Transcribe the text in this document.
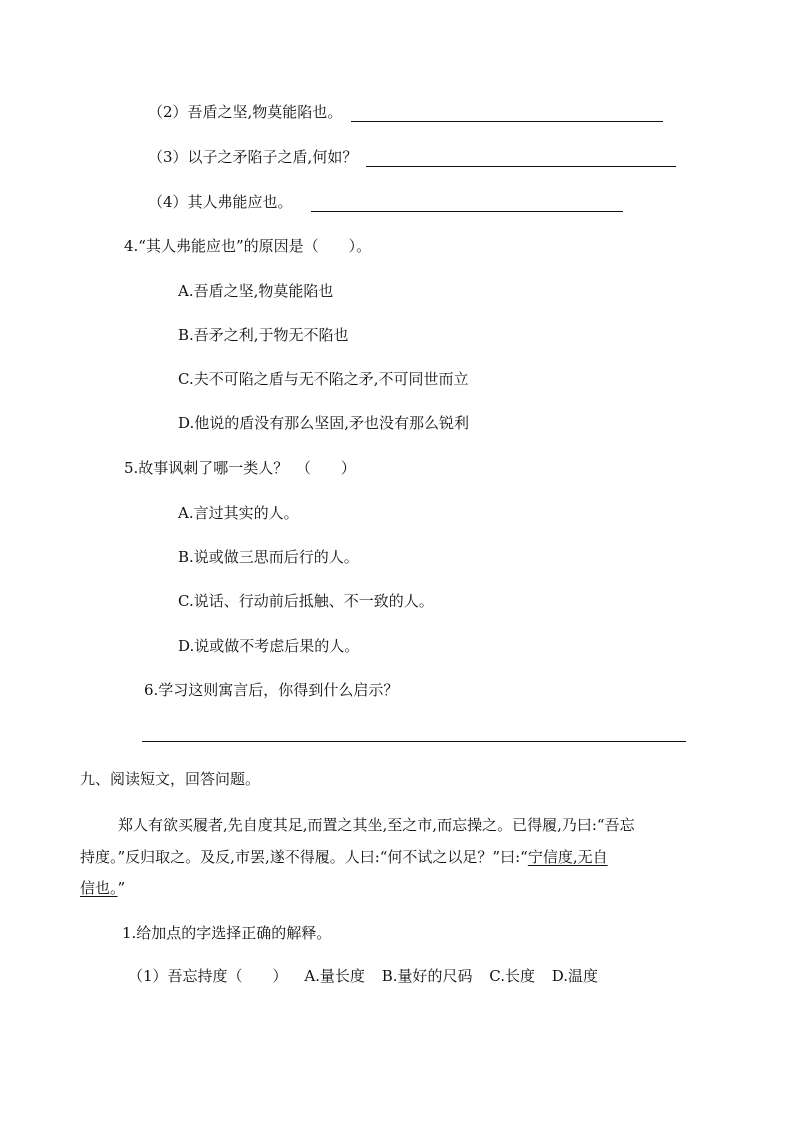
（2）吾盾之坚,物莫能陷也。
（3）以子之矛陷子之盾,何如？
（4）其人弗能应也。
4.“其人弗能应也”的原因是（　　）。
A.吾盾之坚,物莫能陷也
B.吾矛之利,于物无不陷也
C.夫不可陷之盾与无不陷之矛,不可同世而立
D.他说的盾没有那么坚固,矛也没有那么锐利
5.故事讽刺了哪一类人？　（　　）
A.言过其实的人。
B.说或做三思而后行的人。
C.说话、行动前后抵触、不一致的人。
D.说或做不考虑后果的人。
6.学习这则寓言后，你得到什么启示？
九、阅读短文，回答问题。
郑人有欲买履者,先自度其足,而置之其坐,至之市,而忘操之。已得履,乃曰:“吾忘
持度。”反归取之。及反,市罢,遂不得履。人曰:“何不试之以足？”曰:“宁信度,无自
信也。”
1.给加点的字选择正确的解释。
（1）吾忘持度（　　） A.量长度 B.量好的尺码 C.长度 D.温度
